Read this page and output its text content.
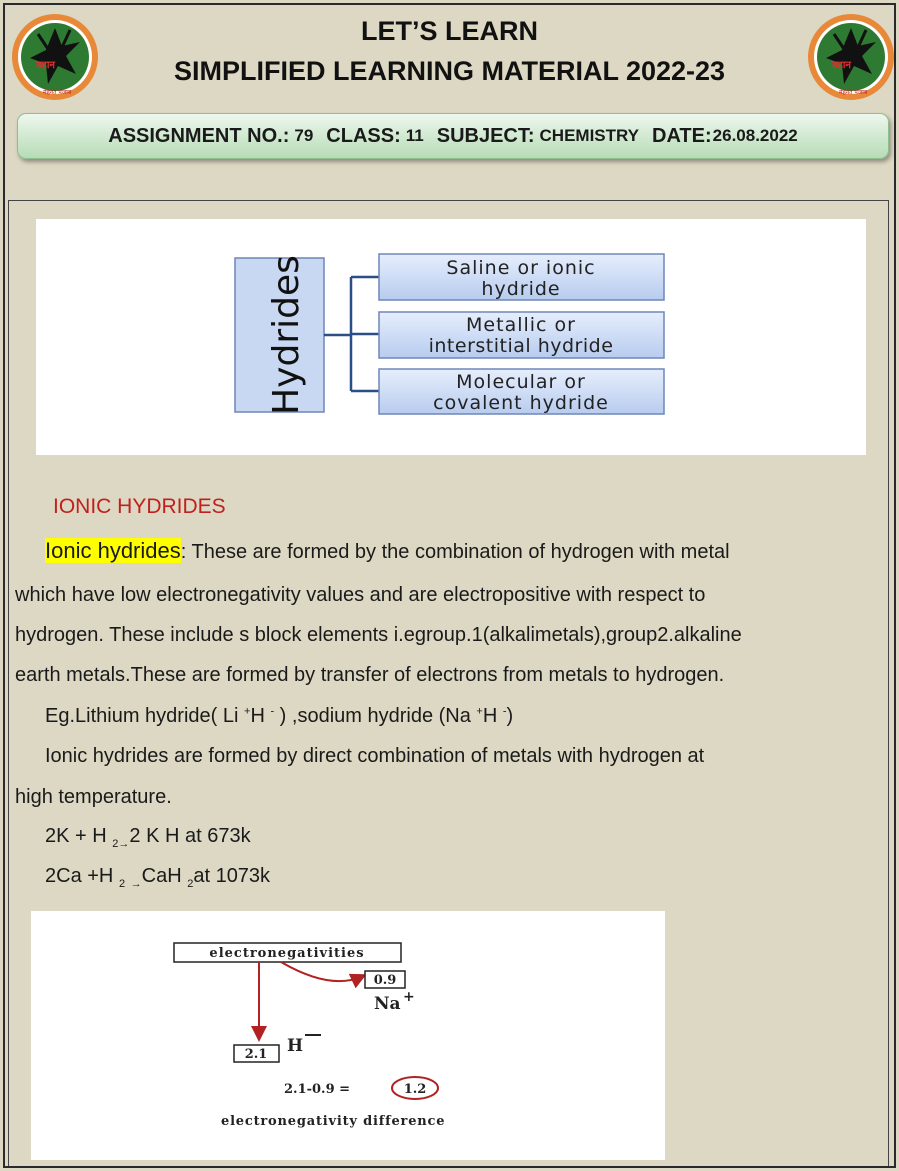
उड़ान
मेहनत पंजाब
उड़ान
मेहनत पंजाब
LET’S LEARN
SIMPLIFIED LEARNING MATERIAL 2022-23
ASSIGNMENT NO.: 79 CLASS: 11 SUBJECT: CHEMISTRY DATE: 26.08.2022
Hydrides	Saline or ionic
hydride
Metallic or
interstitial hydride
Molecular or
covalent hydride
IONIC HYDRIDES
Ionic hydrides: These are formed by the combination of hydrogen with metal
which have low electronegativity values and are electropositive with respect to
hydrogen. These include s block elements i.egroup.1(alkalimetals),group2.alkaline
earth metals.These are formed by transfer of electrons from metals to hydrogen.
Eg.Lithium hydride( Li +H - ) ,sodium hydride (Na +H -)
Ionic hydrides are formed by direct combination of metals with hydrogen at
high temperature.
2K + H $_{2\to}$2 K H at 673k
2Ca +H $_2$ $_\to$CaH $_2$at 1073k
electronegativities
0.9
Na +
2.1 H
2.1-0.9 =	1.2
electronegativity difference
